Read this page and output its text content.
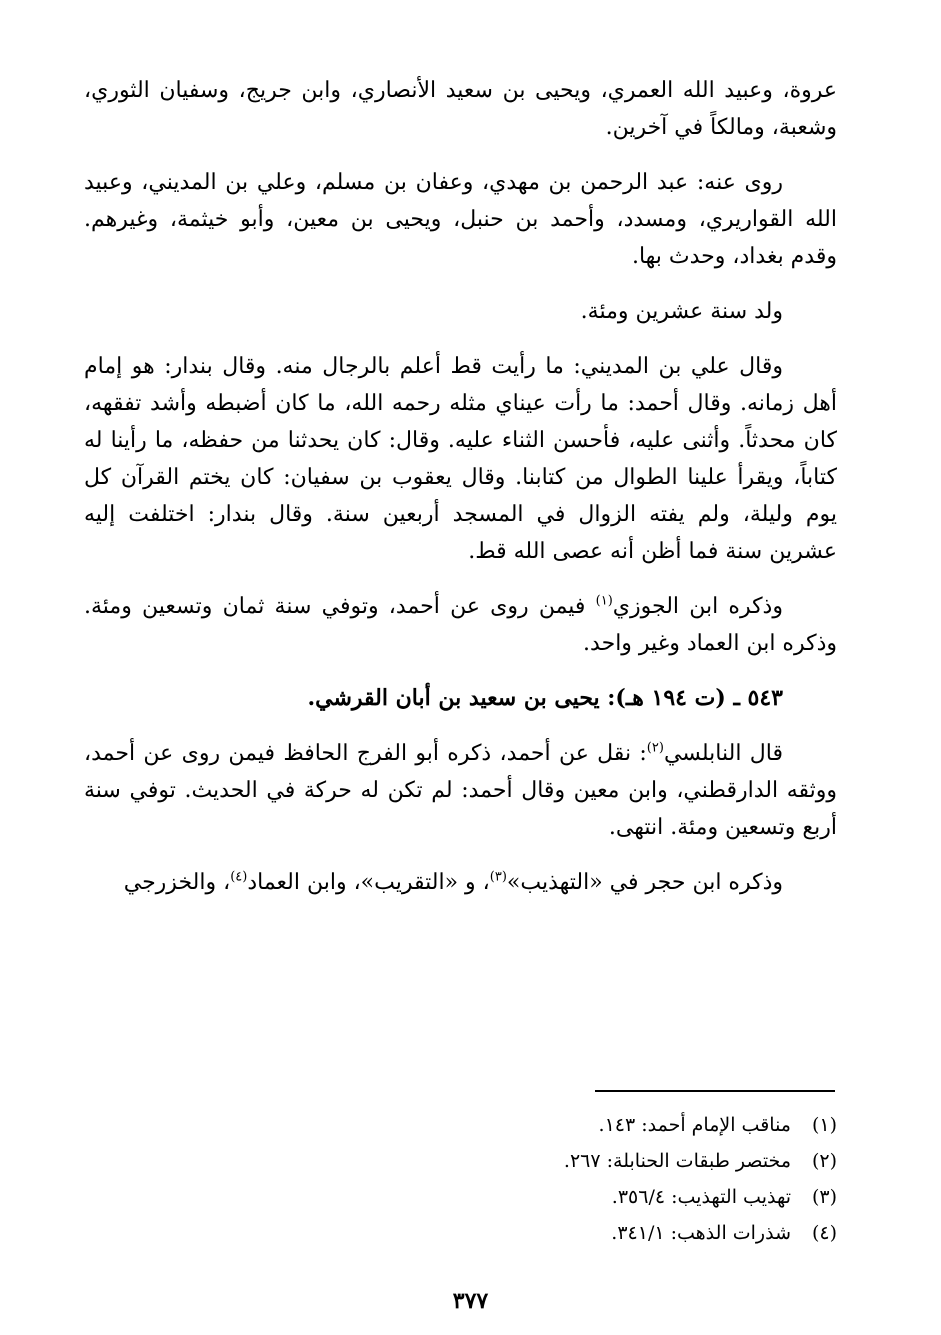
عروة، وعبيد الله العمري، ويحيى بن سعيد الأنصاري، وابن جريج، وسفيان الثوري، وشعبة، ومالكاً في آخرين.

روى عنه: عبد الرحمن بن مهدي، وعفان بن مسلم، وعلي بن المديني، وعبيد الله القواريري، ومسدد، وأحمد بن حنبل، ويحيى بن معين، وأبو خيثمة، وغيرهم. وقدم بغداد، وحدث بها.

ولد سنة عشرين ومئة.

وقال علي بن المديني: ما رأيت قط أعلم بالرجال منه. وقال بندار: هو إمام أهل زمانه. وقال أحمد: ما رأت عيناي مثله رحمه الله، ما كان أضبطه وأشد تفقهه، كان محدثاً. وأثنى عليه، فأحسن الثناء عليه. وقال: كان يحدثنا من حفظه، ما رأينا له كتاباً، ويقرأ علينا الطوال من كتابنا. وقال يعقوب بن سفيان: كان يختم القرآن كل يوم وليلة، ولم يفته الزوال في المسجد أربعين سنة. وقال بندار: اختلفت إليه عشرين سنة فما أظن أنه عصى الله قط.

وذكره ابن الجوزي$^{(١)}$ فيمن روى عن أحمد، وتوفي سنة ثمان وتسعين ومئة. وذكره ابن العماد وغير واحد.

٥٤٣ ـ (ت ١٩٤ هـ): يحيى بن سعيد بن أبان القرشي.

قال النابلسي$^{(٢)}$: نقل عن أحمد، ذكره أبو الفرج الحافظ فيمن روى عن أحمد، ووثقه الدارقطني، وابن معين وقال أحمد: لم تكن له حركة في الحديث. توفي سنة أربع وتسعين ومئة. انتهى.

وذكره ابن حجر في «التهذيب»$^{(٣)}$، و «التقريب»، وابن العماد$^{(٤)}$، والخزرجي

(١)مناقب الإمام أحمد: ١٤٣.
(٢)مختصر طبقات الحنابلة: ٢٦٧.
(٣)تهذيب التهذيب: ٣٥٦/٤.
(٤)شذرات الذهب: ٣٤١/١.
٣٧٧
